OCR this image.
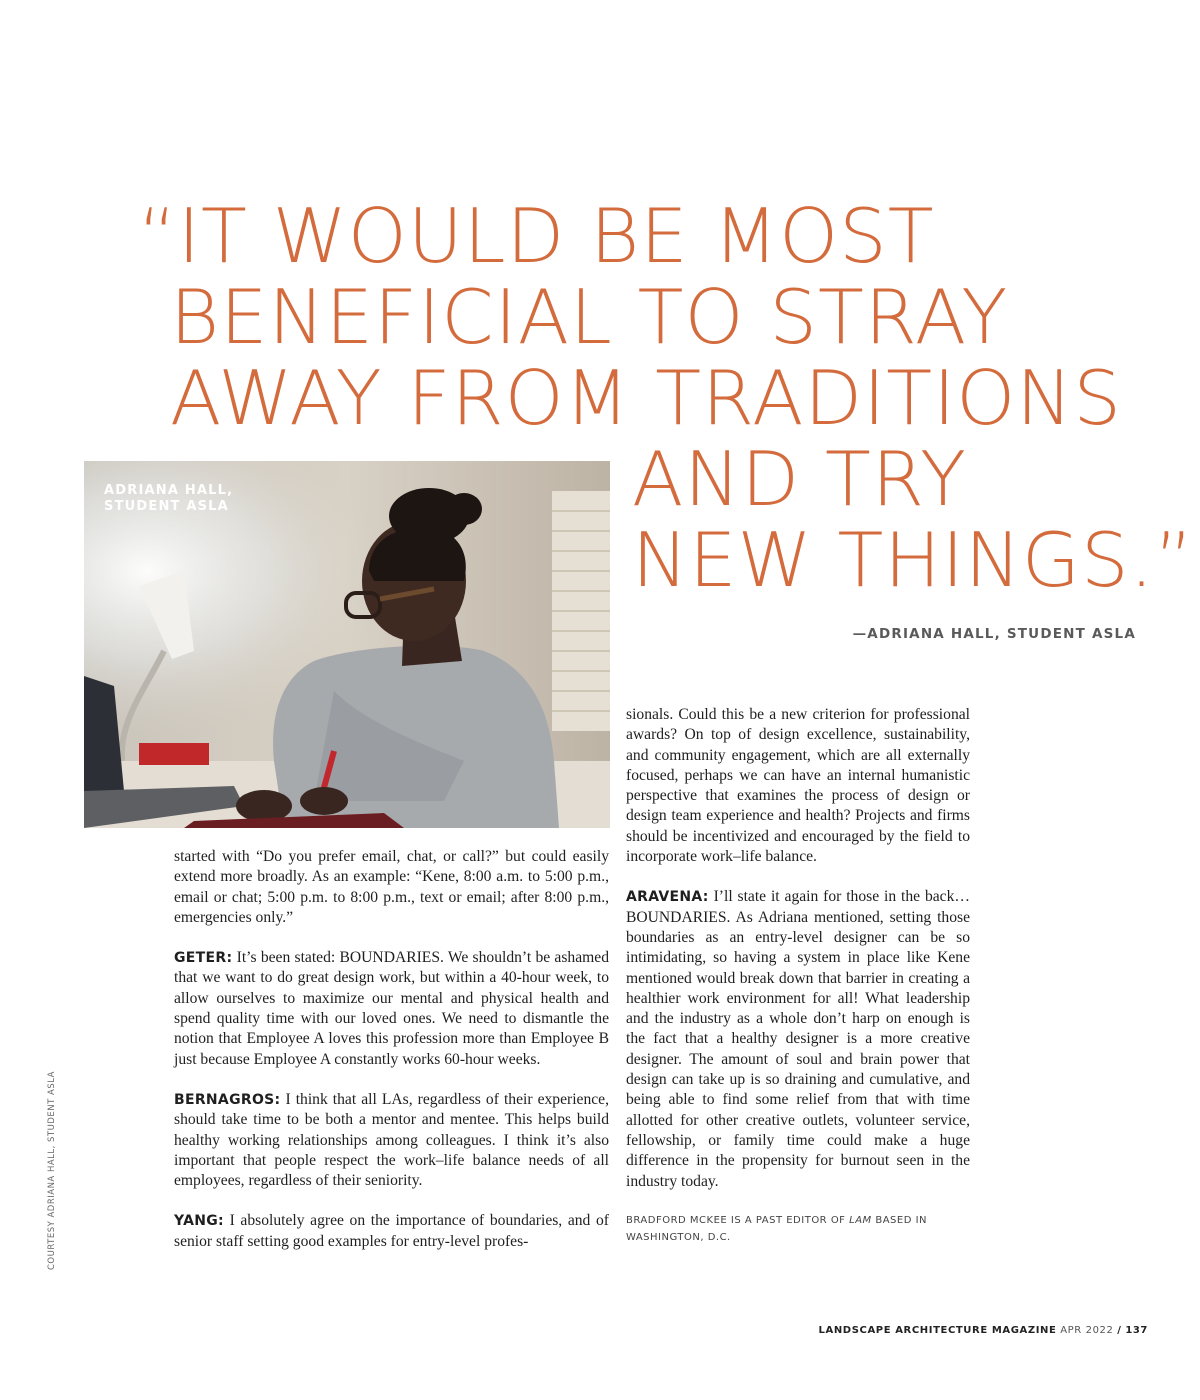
“IT WOULD BE MOST
BENEFICIAL TO STRAY
AWAY FROM TRADITIONS
AND TRY
NEW THINGS.”
—ADRIANA HALL, STUDENT ASLA
ADRIANA HALL,
STUDENT ASLA
COURTESY ADRIANA HALL, STUDENT ASLA

started with “Do you prefer email, chat, or call?” but could easily extend more broadly. As an example: “Kene, 8:00 a.m. to 5:00 p.m., email or chat; 5:00 p.m. to 8:00 p.m., text or email; after 8:00 p.m., emergencies only.”

GETER: It’s been stated: BOUNDARIES. We shouldn’t be ashamed that we want to do great design work, but within a 40-hour week, to allow ourselves to maximize our mental and physical health and spend quality time with our loved ones. We need to dismantle the notion that Employee A loves this profession more than Employee B just because Employee A constantly works 60-hour weeks.

BERNAGROS: I think that all LAs, regardless of their experience, should take time to be both a mentor and mentee. This helps build healthy working relationships among colleagues. I think it’s also important that people respect the work–life balance needs of all employees, regardless of their seniority.

YANG: I absolutely agree on the importance of boundaries, and of senior staff setting good examples for entry-level profes-

sionals. Could this be a new criterion for professional awards? On top of design excellence, sustainability, and community engagement, which are all externally focused, perhaps we can have an internal humanistic perspective that examines the process of design or design team experience and health? Projects and firms should be incentivized and encouraged by the field to incorporate work–life balance.

ARAVENA: I’ll state it again for those in the back… BOUNDARIES. As Adriana mentioned, setting those boundaries as an entry-level designer can be so intimidating, so having a system in place like Kene mentioned would break down that barrier in creating a healthier work environment for all! What leadership and the industry as a whole don’t harp on enough is the fact that a healthy designer is a more creative designer. The amount of soul and brain power that design can take up is so draining and cumulative, and being able to find some relief from that with time allotted for other creative outlets, volunteer service, fellowship, or family time could make a huge difference in the propensity for burnout seen in the industry today.

BRADFORD MCKEE IS A PAST EDITOR OF LAM BASED IN WASHINGTON, D.C.
LANDSCAPE ARCHITECTURE MAGAZINE APR 2022 / 137
